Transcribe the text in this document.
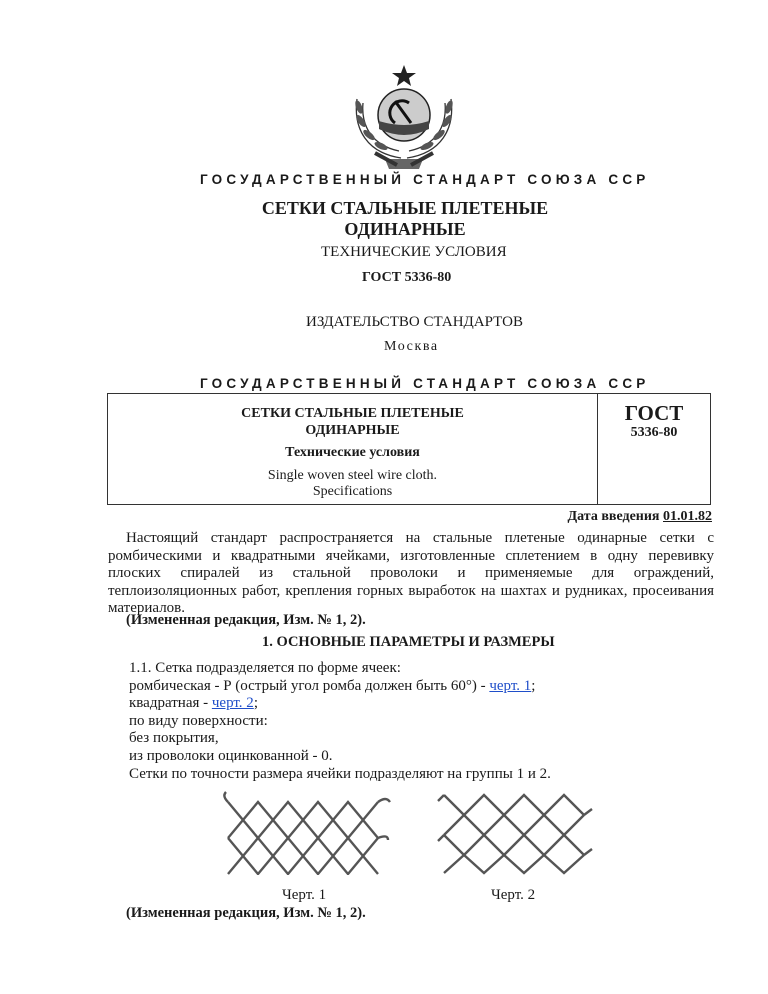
ГОСУДАРСТВЕННЫЙ СТАНДАРТ СОЮЗА ССР
СЕТКИ СТАЛЬНЫЕ ПЛЕТЕНЫЕ
ОДИНАРНЫЕ
ТЕХНИЧЕСКИЕ УСЛОВИЯ
ГОСТ 5336-80
ИЗДАТЕЛЬСТВО СТАНДАРТОВ
Москва
ГОСУДАРСТВЕННЫЙ СТАНДАРТ СОЮЗА ССР
СЕТКИ СТАЛЬНЫЕ ПЛЕТЕНЫЕ
ОДИНАРНЫЕ
Технические условия
Single woven steel wire cloth.
Specifications
ГОСТ
5336-80
Дата введения 01.01.82
Настоящий стандарт распространяется на стальные плетеные одинарные сетки с ромбическими и квадратными ячейками, изготовленные сплетением в одну перевивку плоских спиралей из стальной проволоки и применяемые для ограждений, теплоизоляционных работ, крепления горных выработок на шахтах и рудниках, просеивания материалов.
(Измененная редакция, Изм. № 1, 2).
1. ОСНОВНЫЕ ПАРАМЕТРЫ И РАЗМЕРЫ
1.1. Сетка подразделяется по форме ячеек:
ромбическая - Р (острый угол ромба должен быть 60°) - черт. 1;
квадратная - черт. 2;
по виду поверхности:
без покрытия,
из проволоки оцинкованной - 0.
Сетки по точности размера ячейки подразделяют на группы 1 и 2.
Черт. 1	Черт. 2
(Измененная редакция, Изм. № 1, 2).
